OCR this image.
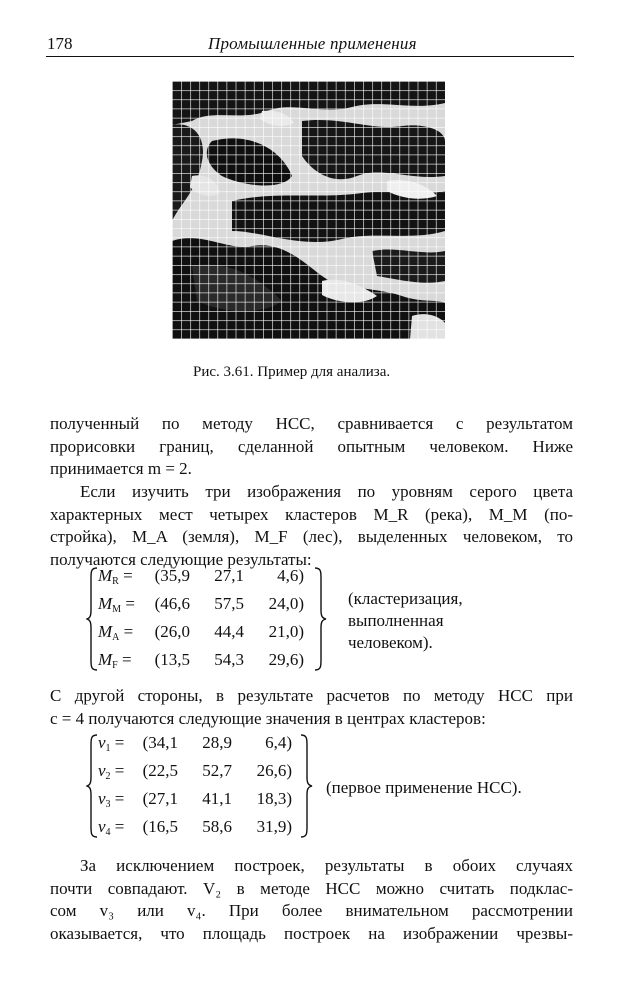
178	Промышленные применения
Рис. 3.61. Пример для анализа.
полученный по методу НСС, сравнивается с результатом
прорисовки границ, сделанной опытным человеком. Ниже
принимается m = 2.
Если изучить три изображения по уровням серого цвета
характерных мест четырех кластеров M_R (река), M_M (по-
стройка), M_A (земля), M_F (лес), выделенных человеком, то
получаются следующие результаты:
$M_R$ =	(35,9	27,1	4,6)
$M_M$ =	(46,6	57,5	24,0)
$M_A$ =	(26,0	44,4	21,0)
$M_F$ =	(13,5	54,3	29,6)
(кластеризация,
выполненная
человеком).
С другой стороны, в результате расчетов по методу НСС при
c = 4 получаются следующие значения в центрах кластеров:
$v_1$ =	(34,1	28,9	6,4)
$v_2$ =	(22,5	52,7	26,6)
$v_3$ =	(27,1	41,1	18,3)
$v_4$ =	(16,5	58,6	31,9)
(первое применение НСС).
За исключением построек, результаты в обоих случаях
почти совпадают. V₂ в методе НСС можно считать подклас-
сом v₃ или v₄. При более внимательном рассмотрении
оказывается, что площадь построек на изображении чрезвы-
